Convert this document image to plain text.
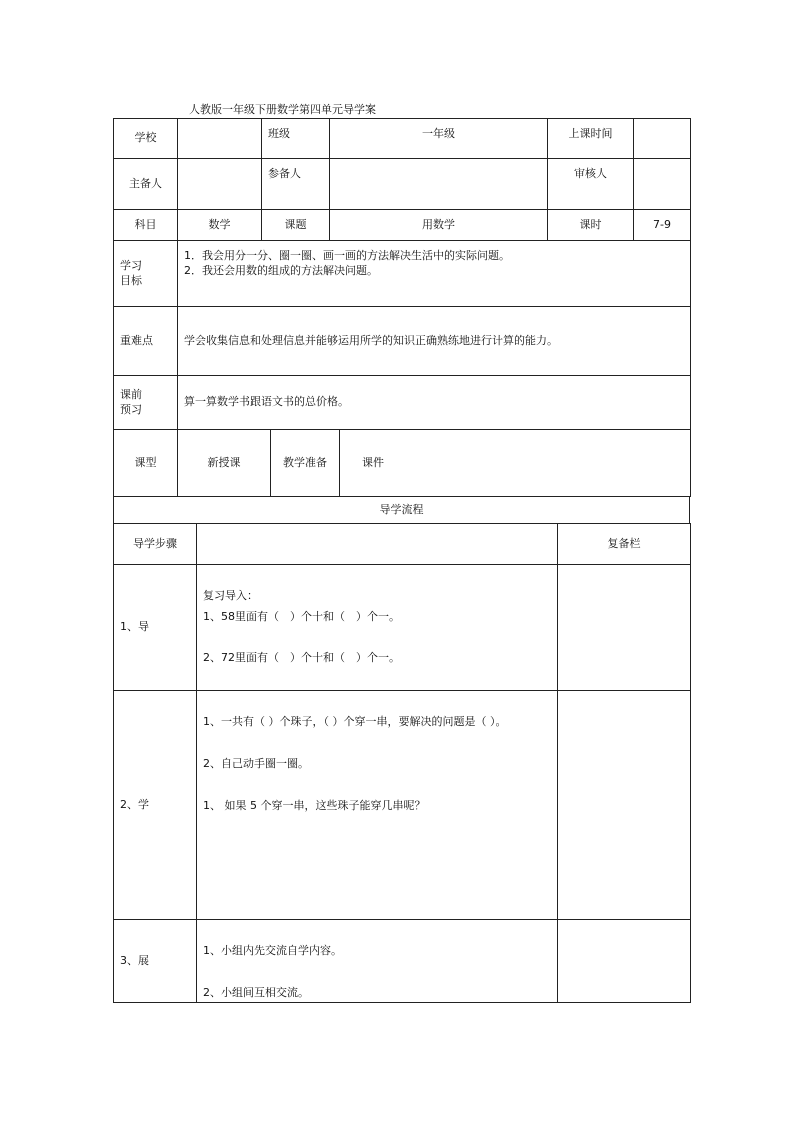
人教版一年级下册数学第四单元导学案
学校		班级	一年级	上课时间	
主备人		参备人		审核人	
科目	数学	课题	用数学	课时	7-9
学习
目标	1．我会用分一分、圈一圈、画一画的方法解决生活中的实际问题。
2．我还会用数的组成的方法解决问题。

重难点	学会收集信息和处理信息并能够运用所学的知识正确熟练地进行计算的能力。

课前
预习	算一算数学书跟语文书的总价格。
课型	新授课	教学准备	课件
导学流程
导学步骤		复备栏
1、导	复习导入：
1、58里面有（　）个十和（　）个一。
2、72里面有（　）个十和（　）个一。	

2、学	1、一共有（ ）个珠子，（ ）个穿一串，要解决的问题是（ ）。
2、自己动手圈一圈。
1、 如果 5 个穿一串，这些珠子能穿几串呢？	

3、展	1、小组内先交流自学内容。
2、小组间互相交流。	
